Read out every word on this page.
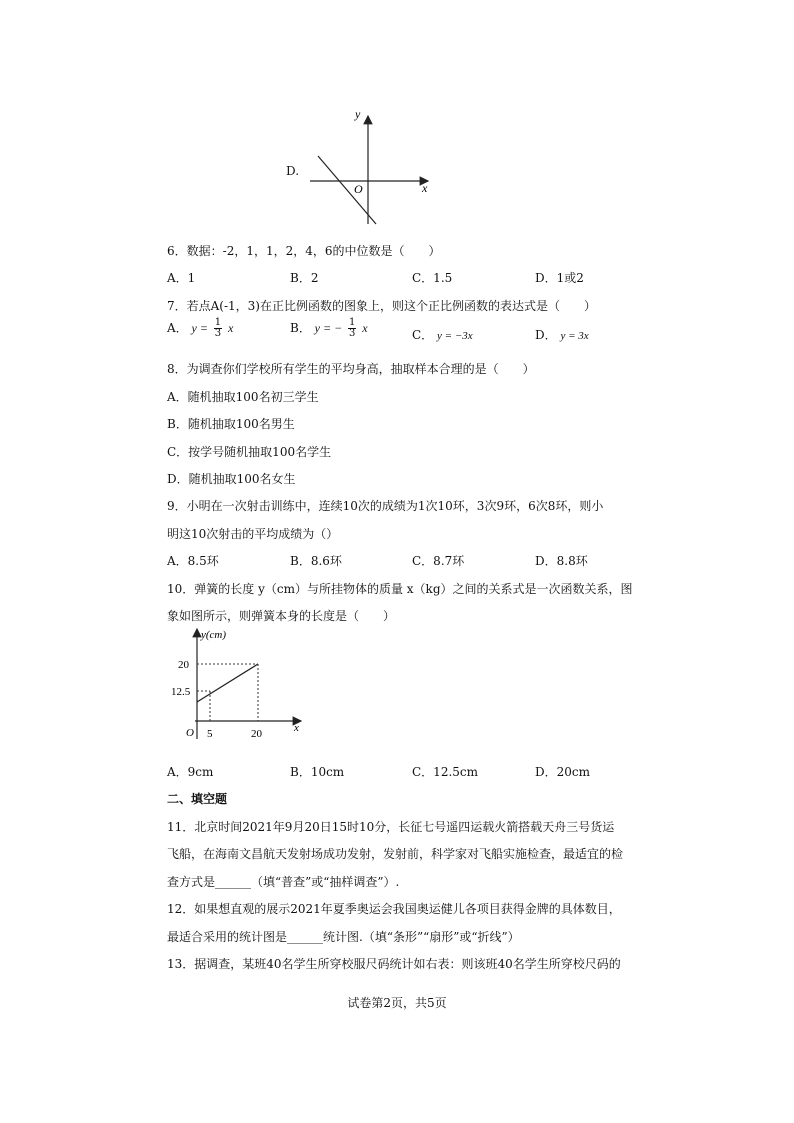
D.
y
x
O
6．数据：-2，1，1，2，4，6的中位数是（　　）
A．1	B．2	C．1.5	D．1或2
7．若点A(-1，3)在正比例函数的图象上，则这个正比例函数的表达式是（　　）
A． $y = \frac{1}{3}$ x	B． y = − $\frac{1}{3}$ x	C． y = −3x	D． y = 3x
8．为调查你们学校所有学生的平均身高，抽取样本合理的是（　　）
A．随机抽取100名初三学生
B．随机抽取100名男生
C．按学号随机抽取100名学生
D．随机抽取100名女生
9．小明在一次射击训练中，连续10次的成绩为1次10环，3次9环，6次8环，则小
明这10次射击的平均成绩为（）
A．8.5环	B．8.6环	C．8.7环	D．8.8环
10．弹簧的长度 y（cm）与所挂物体的质量 x（kg）之间的关系式是一次函数关系，图
象如图所示，则弹簧本身的长度是（　　）
y(cm)
x
O
20
12.5
5	20
A．9cm	B．10cm	C．12.5cm	D．20cm
二、填空题
11．北京时间2021年9月20日15时10分，长征七号遥四运载火箭搭载天舟三号货运
飞船，在海南文昌航天发射场成功发射，发射前，科学家对飞船实施检查，最适宜的检
查方式是______（填“普查”或“抽样调查”）.
12．如果想直观的展示2021年夏季奥运会我国奥运健儿各项目获得金牌的具体数目，
最适合采用的统计图是______统计图.（填“条形”“扇形”或“折线”）
13．据调查，某班40名学生所穿校服尺码统计如右表：则该班40名学生所穿校尺码的
试卷第2页，共5页
